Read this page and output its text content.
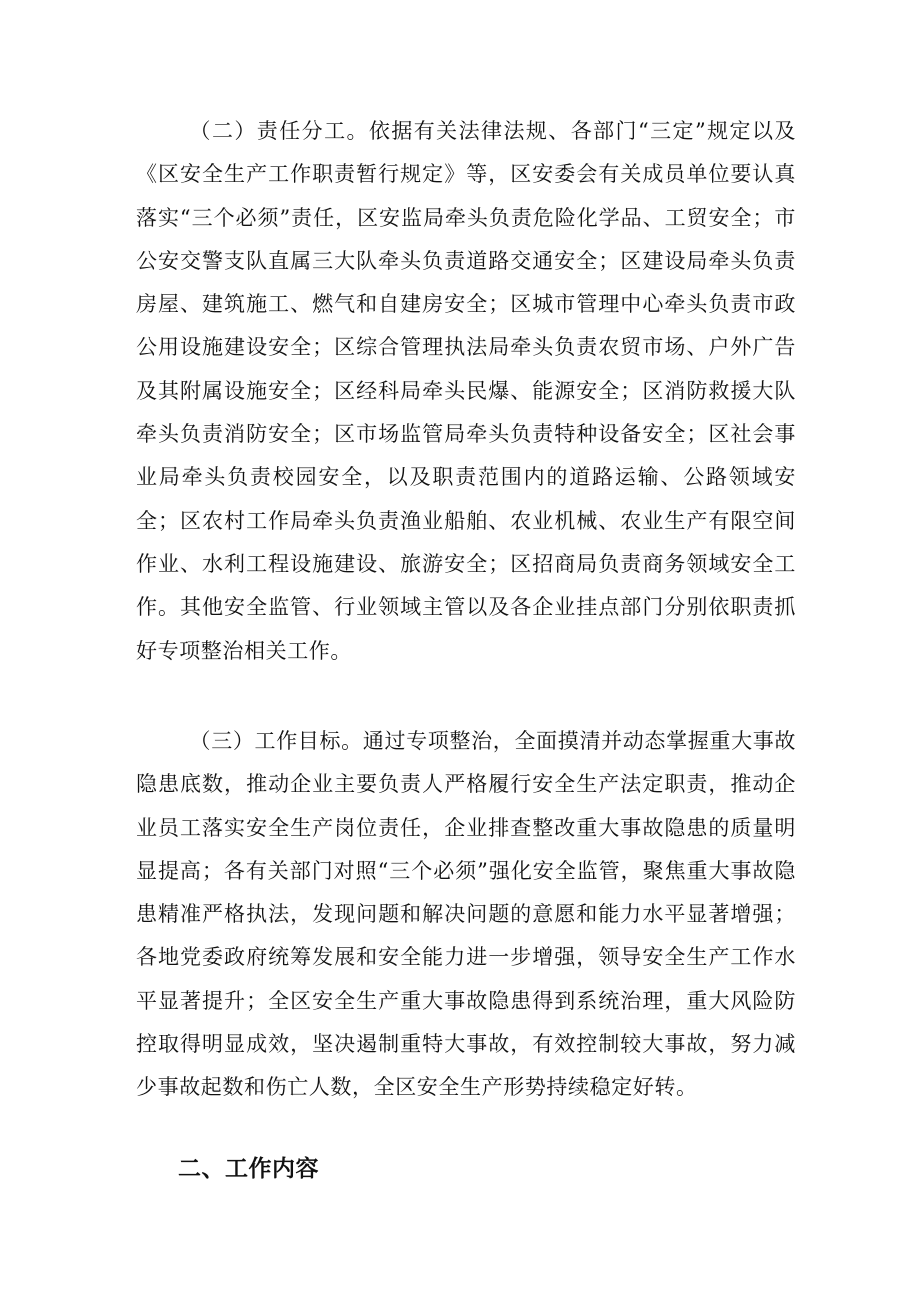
（二）责任分工。依据有关法律法规、各部门“三定”规定以及《区安全生产工作职责暂行规定》等，区安委会有关成员单位要认真落实“三个必须”责任，区安监局牵头负责危险化学品、工贸安全；市公安交警支队直属三大队牵头负责道路交通安全；区建设局牵头负责房屋、建筑施工、燃气和自建房安全；区城市管理中心牵头负责市政公用设施建设安全；区综合管理执法局牵头负责农贸市场、户外广告及其附属设施安全；区经科局牵头民爆、能源安全；区消防救援大队牵头负责消防安全；区市场监管局牵头负责特种设备安全；区社会事业局牵头负责校园安全，以及职责范围内的道路运输、公路领域安全；区农村工作局牵头负责渔业船舶、农业机械、农业生产有限空间作业、水利工程设施建设、旅游安全；区招商局负责商务领域安全工作。其他安全监管、行业领域主管以及各企业挂点部门分别依职责抓好专项整治相关工作。

（三）工作目标。通过专项整治，全面摸清并动态掌握重大事故隐患底数，推动企业主要负责人严格履行安全生产法定职责，推动企业员工落实安全生产岗位责任，企业排查整改重大事故隐患的质量明显提高；各有关部门对照“三个必须”强化安全监管，聚焦重大事故隐患精准严格执法，发现问题和解决问题的意愿和能力水平显著增强；各地党委政府统筹发展和安全能力进一步增强，领导安全生产工作水平显著提升；全区安全生产重大事故隐患得到系统治理，重大风险防控取得明显成效，坚决遏制重特大事故，有效控制较大事故，努力减少事故起数和伤亡人数，全区安全生产形势持续稳定好转。

二、工作内容
